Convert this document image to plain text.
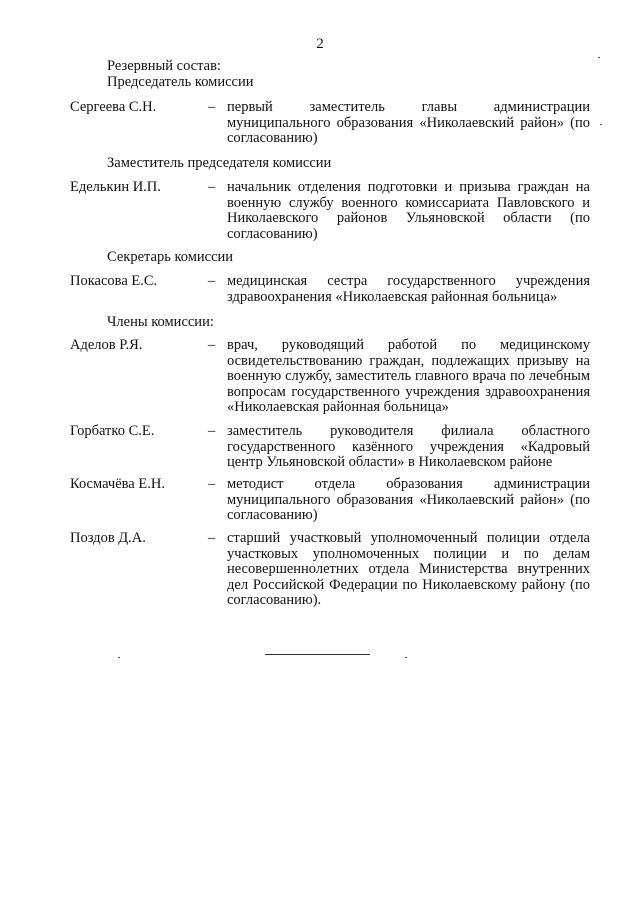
2
Резервный состав:
Председатель комиссии
Сергеева С.Н.	– первый заместитель главы администрации муниципального образования «Николаевский район» (по согласованию)
Заместитель председателя комиссии
Еделькин И.П.	– начальник отделения подготовки и призыва граждан на военную службу военного комиссариата Павловского и Николаевского районов Ульяновской области (по согласованию)
Секретарь комиссии
Покасова Е.С.	– медицинская сестра государственного учреждения здравоохранения «Николаевская районная больница»
Члены комиссии:
Аделов Р.Я.	– врач, руководящий работой по медицинскому освидетельствованию граждан, подлежащих призыву на военную службу, заместитель главного врача по лечебным вопросам государственного учреждения здравоохранения «Николаевская районная больница»
Горбатко С.Е.	– заместитель руководителя филиала областного государственного казённого учреждения «Кадровый центр Ульяновской области» в Николаевском районе
Космачёва Е.Н.	– методист отдела образования администрации муниципального образования «Николаевский район» (по согласованию)
Поздов Д.А.	– старший участковый уполномоченный полиции отдела участковых уполномоченных полиции и по делам несовершеннолетних отдела Министерства внутренних дел Российской Федерации по Николаевскому району (по согласованию).
